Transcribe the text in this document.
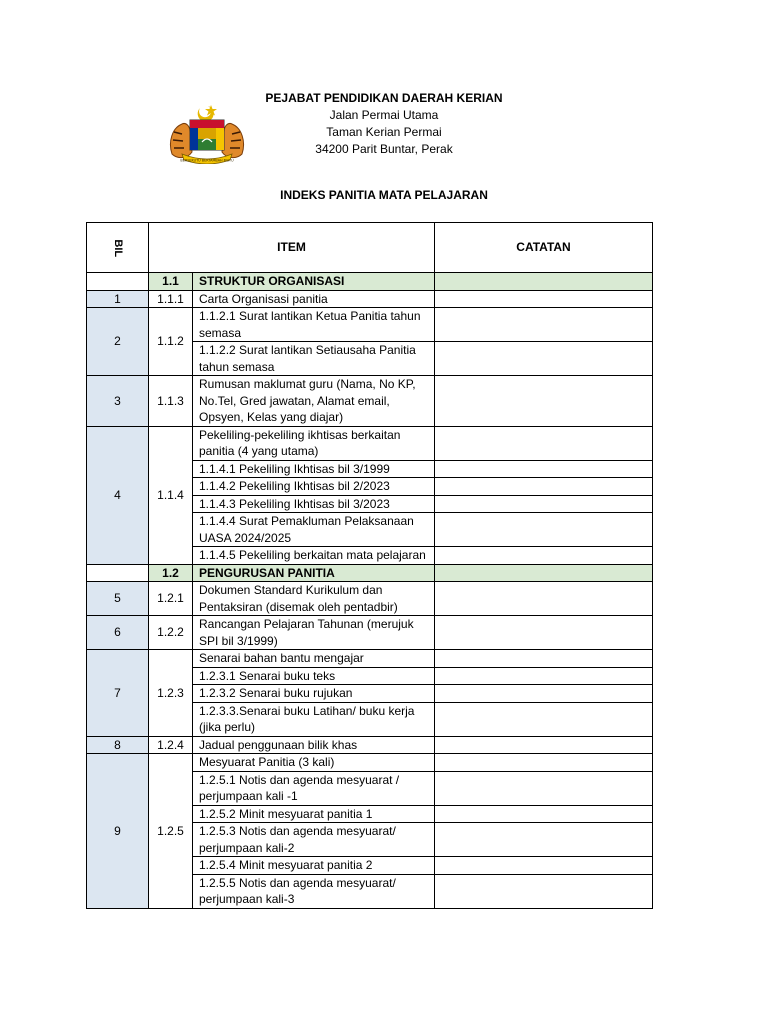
BERSEKUTU BERTAMBAH MUTU
PEJABAT PENDIDIKAN DAERAH KERIAN
Jalan Permai Utama
Taman Kerian Permai
34200 Parit Buntar, Perak
INDEKS PANITIA MATA PELAJARAN
BIL	ITEM		CATATAN
	1.1	STRUKTUR ORGANISASI	
1	1.1.1	Carta Organisasi panitia	
2	1.1.2	1.1.2.1 Surat lantikan Ketua Panitia tahun semasa	
		1.1.2.2 Surat lantikan Setiausaha Panitia tahun semasa	
3	1.1.3	Rumusan maklumat guru (Nama, No KP, No.Tel, Gred jawatan, Alamat email, Opsyen, Kelas yang diajar)	
4	1.1.4	Pekeliling-pekeliling ikhtisas berkaitan panitia (4 yang utama)	
		1.1.4.1 Pekeliling Ikhtisas bil 3/1999	
		1.1.4.2 Pekeliling Ikhtisas bil 2/2023	
		1.1.4.3 Pekeliling Ikhtisas bil 3/2023	
		1.1.4.4 Surat Pemakluman Pelaksanaan UASA 2024/2025	
		1.1.4.5 Pekeliling berkaitan mata pelajaran	
	1.2	PENGURUSAN PANITIA	
5	1.2.1	Dokumen Standard Kurikulum dan Pentaksiran (disemak oleh pentadbir)	
6	1.2.2	Rancangan Pelajaran Tahunan (merujuk SPI bil 3/1999)	
7	1.2.3	Senarai bahan bantu mengajar	
		1.2.3.1 Senarai buku teks	
		1.2.3.2 Senarai buku rujukan	
		1.2.3.3.Senarai buku Latihan/ buku kerja (jika perlu)	
8	1.2.4	Jadual penggunaan bilik khas	
9	1.2.5	Mesyuarat Panitia (3 kali)	
		1.2.5.1 Notis dan agenda mesyuarat / perjumpaan kali -1	
		1.2.5.2 Minit mesyuarat panitia 1	
		1.2.5.3 Notis dan agenda mesyuarat/ perjumpaan kali-2	
		1.2.5.4 Minit mesyuarat panitia 2	
		1.2.5.5 Notis dan agenda mesyuarat/ perjumpaan kali-3	
